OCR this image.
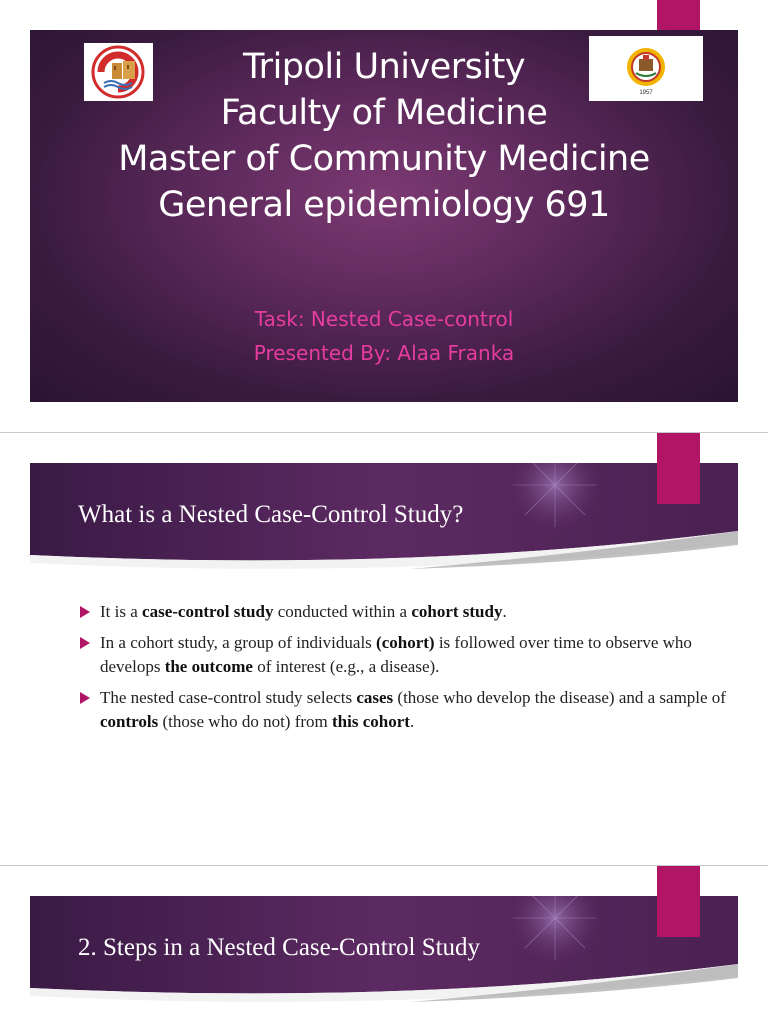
1957
Tripoli University
Faculty of Medicine
Master of Community Medicine
General epidemiology 691
Task: Nested Case-control
Presented By: Alaa Franka
What is a Nested Case-Control Study?
It is a case-control study conducted within a cohort study.
In a cohort study, a group of individuals (cohort) is followed over time to observe who develops the outcome of interest (e.g., a disease).
The nested case-control study selects cases (those who develop the disease) and a sample of controls (those who do not) from this cohort.
2. Steps in a Nested Case-Control Study
